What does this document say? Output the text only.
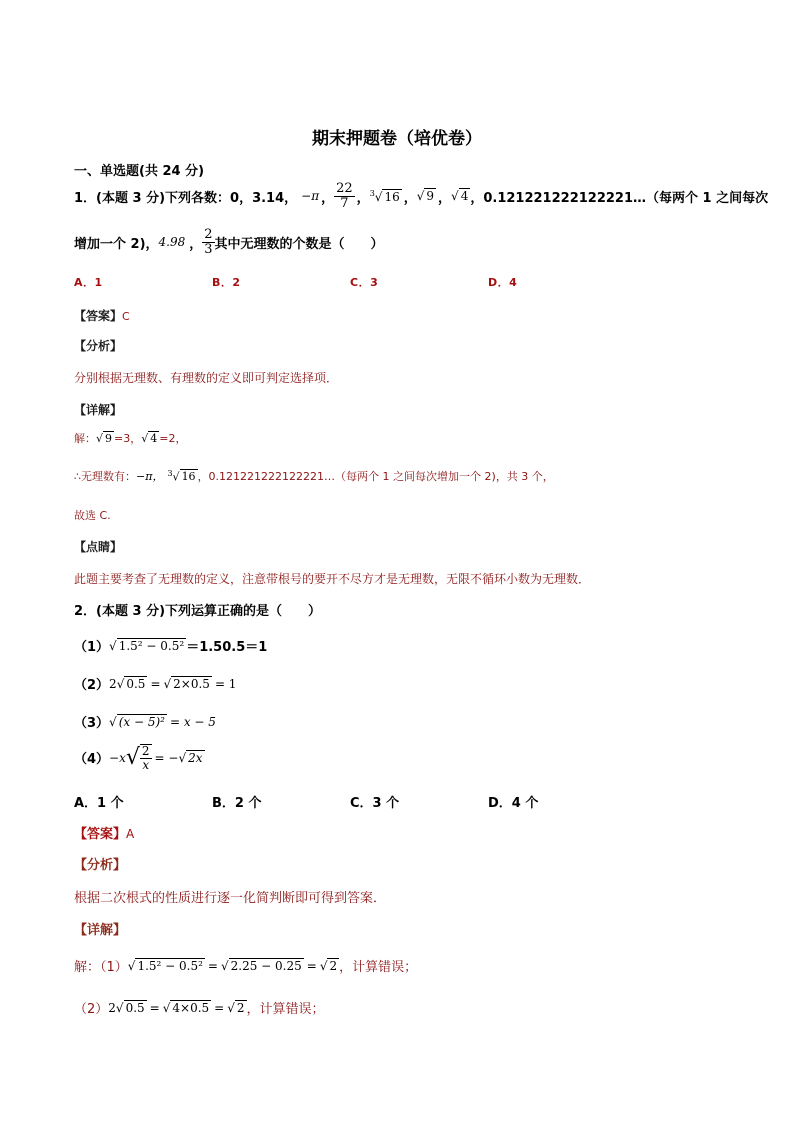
期末押题卷（培优卷）
一、单选题(共 24 分)
1．(本题 3 分)下列各数：0，3.14， −π ， $\frac{22}{7}$ ， $^3$√ 16 ， √ 9 ， √ 4 ，0.121221222122221…（每两个 1 之间每次
增加一个 2)， 4.98 ， $\frac{2}{3}$ 其中无理数的个数是（　　）
A．1	B．2	C．3	D．4
【答案】C
【分析】
分别根据无理数、有理数的定义即可判定选择项．
【详解】
解： √ 9 =3， √ 4 =2，
∴无理数有： −π， $^3$√ 16 ，0.121221222122221…（每两个 1 之间每次增加一个 2)，共 3 个，
故选 C.
【点睛】
此题主要考查了无理数的定义，注意带根号的要开不尽方才是无理数，无限不循环小数为无理数．
2．(本题 3 分)下列运算正确的是（　　）
（1） √ 1.5² − 0.5² ＝1.50.5＝1
（2） 2 √ 0.5 = √ 2×0.5 = 1
（3） √ (x − 5)² = x − 5
（4） −x √ $\frac{2}{x}$ = − √ 2x
A．1 个	B．2 个	C．3 个	D．4 个
【答案】A
【分析】
根据二次根式的性质进行逐一化简判断即可得到答案．
【详解】
解：（1） √ 1.5² − 0.5² = √ 2.25 − 0.25 = √ 2 ，计算错误；
（2） 2 √ 0.5 = √ 4×0.5 = √ 2 ，计算错误；
